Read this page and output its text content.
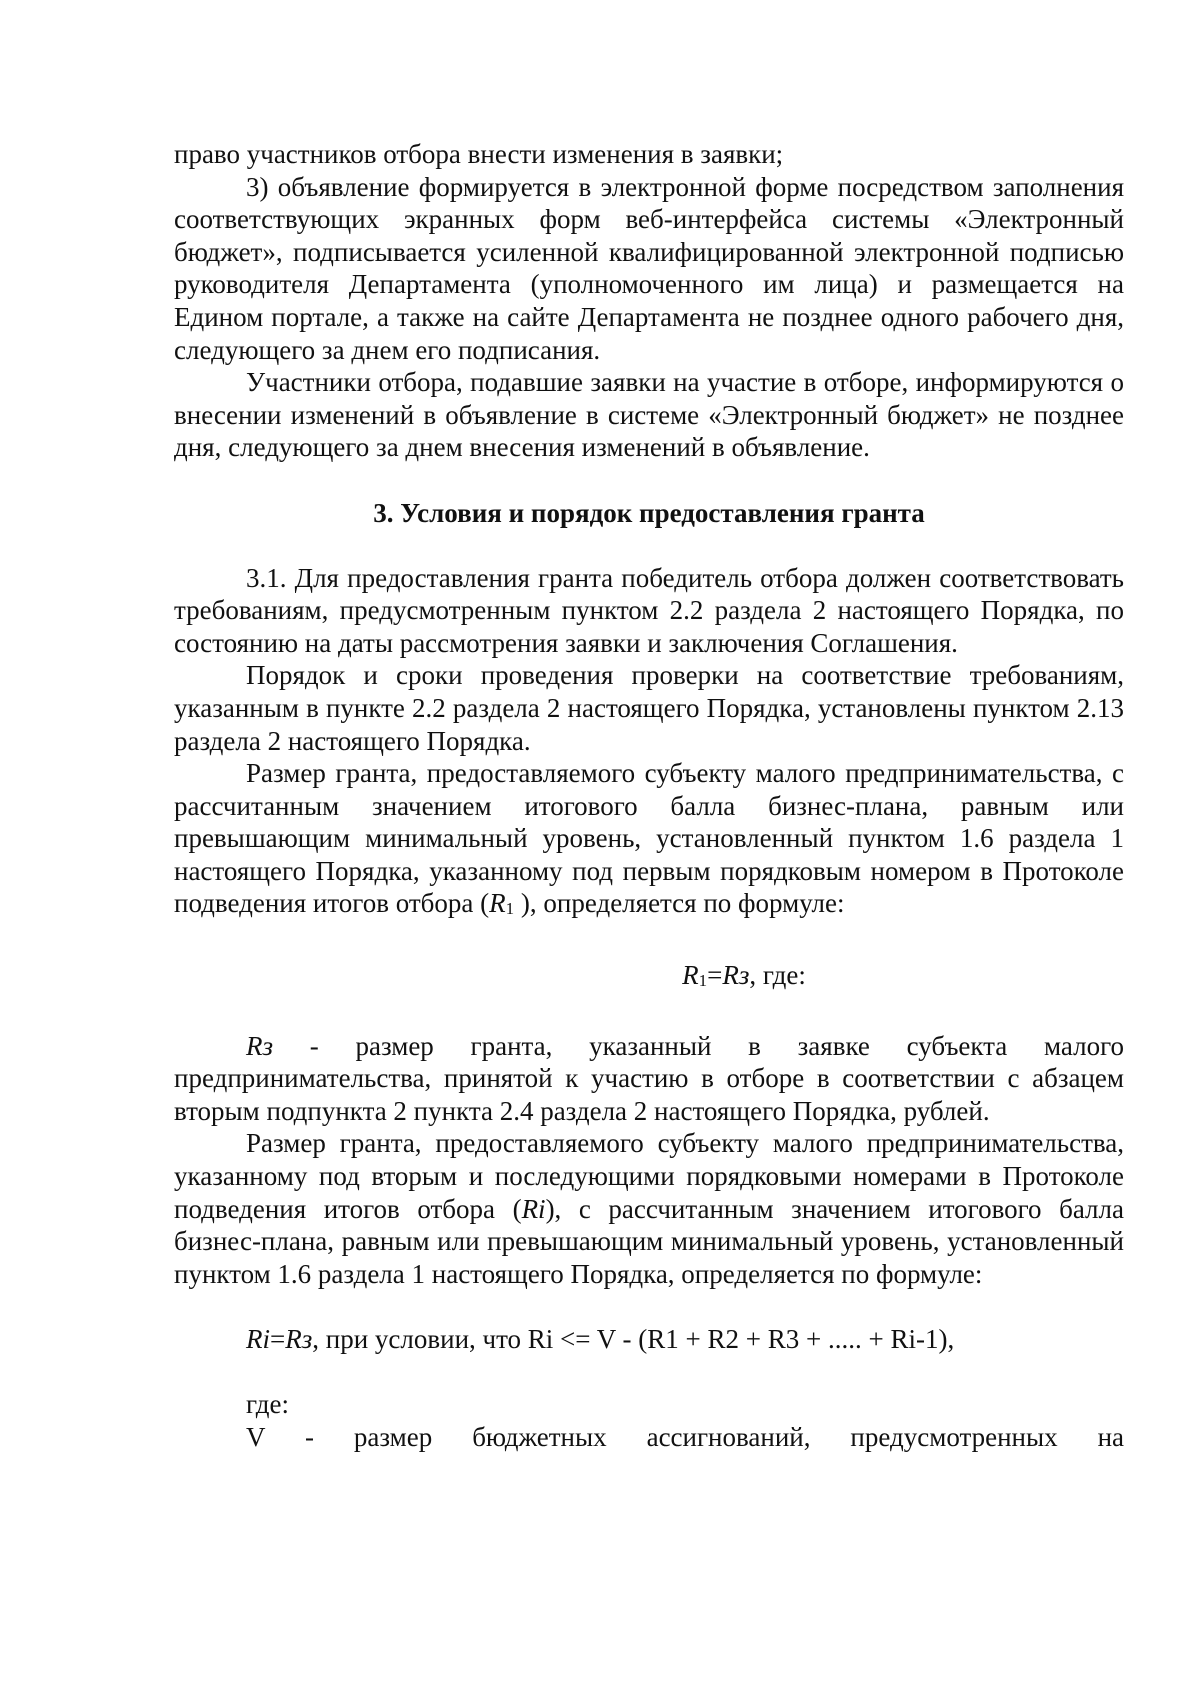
право участников отбора внести изменения в заявки;

3) объявление формируется в электронной форме посредством заполнения соответствующих экранных форм веб-интерфейса системы «Электронный бюджет», подписывается усиленной квалифицированной электронной подписью руководителя Департамента (уполномоченного им лица) и размещается на Едином портале, а также на сайте Департамента не позднее одного рабочего дня, следующего за днем его подписания.

Участники отбора, подавшие заявки на участие в отборе, информируются о внесении изменений в объявление в системе «Электронный бюджет» не позднее дня, следующего за днем внесения изменений в объявление.

3. Условия и порядок предоставления гранта

3.1. Для предоставления гранта победитель отбора должен соответствовать требованиям, предусмотренным пунктом 2.2 раздела 2 настоящего Порядка, по состоянию на даты рассмотрения заявки и заключения Соглашения.

Порядок и сроки проведения проверки на соответствие требованиям, указанным в пункте 2.2 раздела 2 настоящего Порядка, установлены пунктом 2.13 раздела 2 настоящего Порядка.

Размер гранта, предоставляемого субъекту малого предпринимательства, с рассчитанным значением итогового балла бизнес-плана, равным или превышающим минимальный уровень, установленный пунктом 1.6 раздела 1 настоящего Порядка, указанному под первым порядковым номером в Протоколе подведения итогов отбора (R1 ), определяется по формуле:

R1=Rз, где:

Rз - размер гранта, указанный в заявке субъекта малого предпринимательства, принятой к участию в отборе в соответствии с абзацем вторым подпункта 2 пункта 2.4 раздела 2 настоящего Порядка, рублей.

Размер гранта, предоставляемого субъекту малого предпринимательства, указанному под вторым и последующими порядковыми номерами в Протоколе подведения итогов отбора (Ri), с рассчитанным значением итогового балла бизнес-плана, равным или превышающим минимальный уровень, установленный пунктом 1.6 раздела 1 настоящего Порядка, определяется по формуле:

Ri=Rз, при условии, что Ri <= V - (R1 + R2 + R3 + ..... + Ri-1),

где:

V - размер бюджетных ассигнований, предусмотренных на
